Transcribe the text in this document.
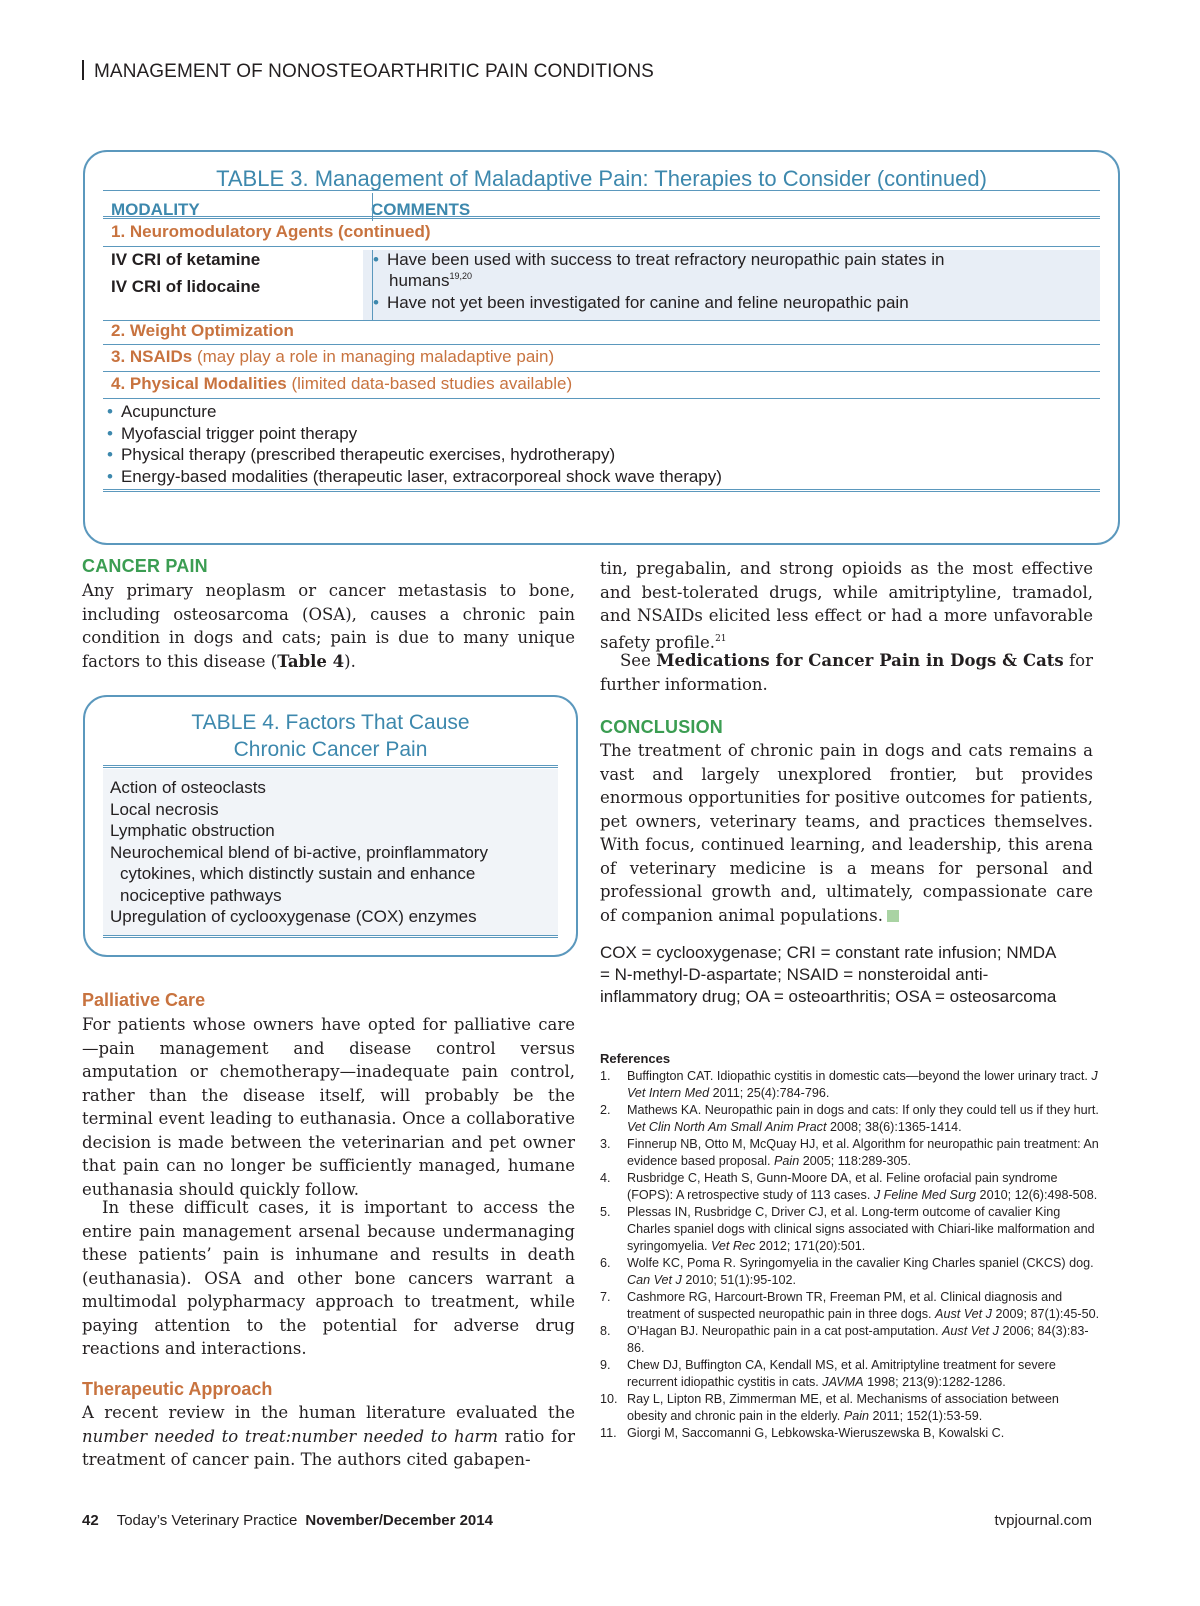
MANAGEMENT OF NONOSTEOARTHRITIC PAIN CONDITIONS
TABLE 3. Management of Maladaptive Pain: Therapies to Consider (continued)
MODALITY	COMMENTS
1. Neuromodulatory Agents (continued)
IV CRI of ketamine
IV CRI of lidocaine
• Have been used with success to treat refractory neuropathic pain states in
humans$^{19,20}$
• Have not yet been investigated for canine and feline neuropathic pain
2. Weight Optimization
3. NSAIDs (may play a role in managing maladaptive pain)
4. Physical Modalities (limited data-based studies available)
• Acupuncture
• Myofascial trigger point therapy
• Physical therapy (prescribed therapeutic exercises, hydrotherapy)
• Energy-based modalities (therapeutic laser, extracorporeal shock wave therapy)
CANCER PAIN

Any primary neoplasm or cancer metastasis to bone, including osteosarcoma (OSA), causes a chronic pain condition in dogs and cats; pain is due to many unique factors to this disease (Table 4).

TABLE 4. Factors That Cause
Chronic Cancer Pain
Action of osteoclasts
Local necrosis
Lymphatic obstruction
Neurochemical blend of bi-active, proinflammatory
cytokines, which distinctly sustain and enhance
nociceptive pathways
Upregulation of cyclooxygenase (COX) enzymes
Palliative Care

For patients whose owners have opted for palliative care—pain management and disease control versus amputation or chemotherapy—inadequate pain control, rather than the disease itself, will probably be the terminal event leading to euthanasia. Once a collaborative decision is made between the veterinarian and pet owner that pain can no longer be sufficiently managed, humane euthanasia should quickly follow.

In these difficult cases, it is important to access the entire pain management arsenal because undermanaging these patients’ pain is inhumane and results in death (euthanasia). OSA and other bone cancers warrant a multimodal polypharmacy approach to treatment, while paying attention to the potential for adverse drug reactions and interactions.

Therapeutic Approach

A recent review in the human literature evaluated the number needed to treat:number needed to harm ratio for treatment of cancer pain. The authors cited gabapen-

tin, pregabalin, and strong opioids as the most effective and best-tolerated drugs, while amitriptyline, tramadol, and NSAIDs elicited less effect or had a more unfavorable safety profile.$^{21}$

See Medications for Cancer Pain in Dogs & Cats for further information.

CONCLUSION

The treatment of chronic pain in dogs and cats remains a vast and largely unexplored frontier, but provides enormous opportunities for positive outcomes for patients, pet owners, veterinary teams, and practices themselves. With focus, continued learning, and leadership, this arena of veterinary medicine is a means for personal and professional growth and, ultimately, compassionate care of companion animal populations.

COX = cyclooxygenase; CRI = constant rate infusion; NMDA = N-methyl-D-aspartate; NSAID = nonsteroidal anti-inflammatory drug; OA = osteoarthritis; OSA = osteosarcoma
References
1. Buffington CAT. Idiopathic cystitis in domestic cats—beyond the lower urinary tract. J Vet Intern Med 2011; 25(4):784-796.
2. Mathews KA. Neuropathic pain in dogs and cats: If only they could tell us if they hurt. Vet Clin North Am Small Anim Pract 2008; 38(6):1365-1414.
3. Finnerup NB, Otto M, McQuay HJ, et al. Algorithm for neuropathic pain treatment: An evidence based proposal. Pain 2005; 118:289-305.
4. Rusbridge C, Heath S, Gunn-Moore DA, et al. Feline orofacial pain syndrome (FOPS): A retrospective study of 113 cases. J Feline Med Surg 2010; 12(6):498-508.
5. Plessas IN, Rusbridge C, Driver CJ, et al. Long-term outcome of cavalier King Charles spaniel dogs with clinical signs associated with Chiari-like malformation and syringomyelia. Vet Rec 2012; 171(20):501.
6. Wolfe KC, Poma R. Syringomyelia in the cavalier King Charles spaniel (CKCS) dog. Can Vet J 2010; 51(1):95-102.
7. Cashmore RG, Harcourt-Brown TR, Freeman PM, et al. Clinical diagnosis and treatment of suspected neuropathic pain in three dogs. Aust Vet J 2009; 87(1):45-50.
8. O’Hagan BJ. Neuropathic pain in a cat post-amputation. Aust Vet J 2006; 84(3):83-86.
9. Chew DJ, Buffington CA, Kendall MS, et al. Amitriptyline treatment for severe recurrent idiopathic cystitis in cats. JAVMA 1998; 213(9):1282-1286.
10. Ray L, Lipton RB, Zimmerman ME, et al. Mechanisms of association between obesity and chronic pain in the elderly. Pain 2011; 152(1):53-59.
11. Giorgi M, Saccomanni G, Lebkowska-Wieruszewska B, Kowalski C.
42 Today’s Veterinary Practice November/December 2014	tvpjournal.com
